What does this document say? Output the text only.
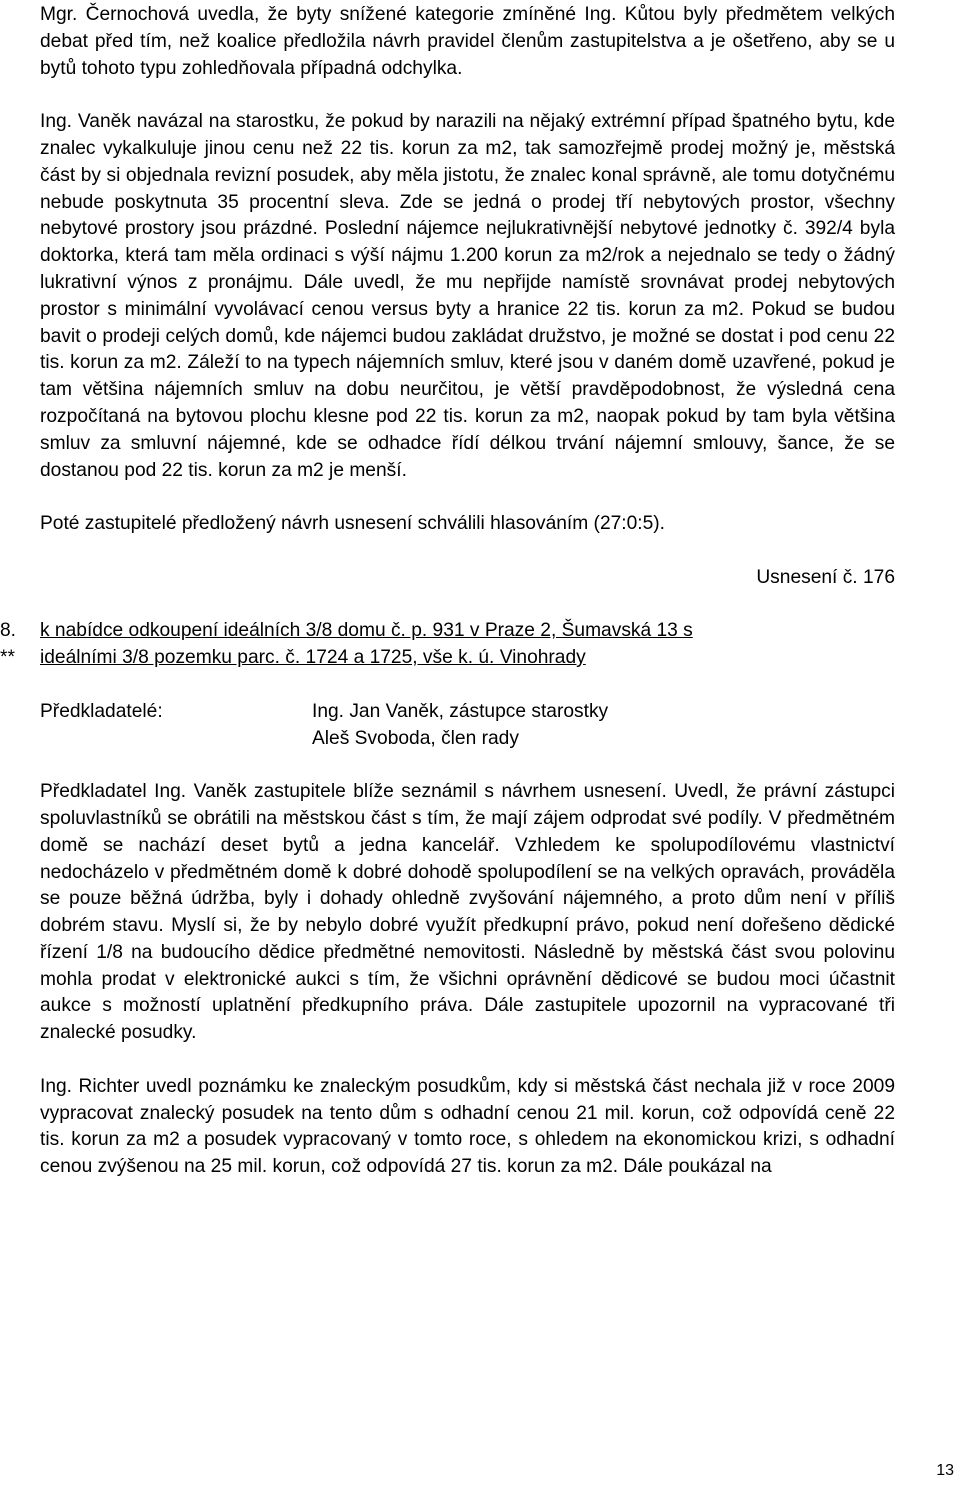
Mgr. Černochová uvedla, že byty snížené kategorie zmíněné Ing. Kůtou byly předmětem velkých debat před tím, než koalice předložila návrh pravidel členům zastupitelstva a je ošetřeno, aby se u bytů tohoto typu zohledňovala případná odchylka.

Ing. Vaněk navázal na starostku, že pokud by narazili na nějaký extrémní případ špatného bytu, kde znalec vykalkuluje jinou cenu než 22 tis. korun za m2, tak samozřejmě prodej možný je, městská část by si objednala revizní posudek, aby měla jistotu, že znalec konal správně, ale tomu dotyčnému nebude poskytnuta 35 procentní sleva. Zde se jedná o prodej tří nebytových prostor, všechny nebytové prostory jsou prázdné. Poslední nájemce nejlukrativnější nebytové jednotky č. 392/4 byla doktorka, která tam měla ordinaci s výší nájmu 1.200 korun za m2/rok a nejednalo se tedy o žádný lukrativní výnos z pronájmu. Dále uvedl, že mu nepřijde namístě srovnávat prodej nebytových prostor s minimální vyvolávací cenou versus byty a hranice 22 tis. korun za m2. Pokud se budou bavit o prodeji celých domů, kde nájemci budou zakládat družstvo, je možné se dostat i pod cenu 22 tis. korun za m2. Záleží to na typech nájemních smluv, které jsou v daném domě uzavřené, pokud je tam většina nájemních smluv na dobu neurčitou, je větší pravděpodobnost, že výsledná cena rozpočítaná na bytovou plochu klesne pod 22 tis. korun za m2, naopak pokud by tam byla většina smluv za smluvní nájemné, kde se odhadce řídí délkou trvání nájemní smlouvy, šance, že se dostanou pod 22 tis. korun za m2 je menší.

Poté zastupitelé předložený návrh usnesení schválili hlasováním (27:0:5).

Usnesení č. 176

8.
**

k nabídce odkoupení ideálních 3/8 domu č. p. 931 v Praze 2, Šumavská 13 s
ideálními 3/8 pozemku parc. č. 1724 a 1725, vše k. ú. Vinohrady

Předkladatelé:	Ing. Jan Vaněk, zástupce starostky
Aleš Svoboda, člen rady

Předkladatel Ing. Vaněk zastupitele blíže seznámil s návrhem usnesení. Uvedl, že právní zástupci spoluvlastníků se obrátili na městskou část s tím, že mají zájem odprodat své podíly. V předmětném domě se nachází deset bytů a jedna kancelář. Vzhledem ke spolupodílovému vlastnictví nedocházelo v předmětném domě k dobré dohodě spolupodílení se na velkých opravách, prováděla se pouze běžná údržba, byly i dohady ohledně zvyšování nájemného, a proto dům není v příliš dobrém stavu. Myslí si, že by nebylo dobré využít předkupní právo, pokud není dořešeno dědické řízení 1/8 na budoucího dědice předmětné nemovitosti. Následně by městská část svou polovinu mohla prodat v elektronické aukci s tím, že všichni oprávnění dědicové se budou moci účastnit aukce s možností uplatnění předkupního práva. Dále zastupitele upozornil na vypracované tři znalecké posudky.

Ing. Richter uvedl poznámku ke znaleckým posudkům, kdy si městská část nechala již v roce 2009 vypracovat znalecký posudek na tento dům s odhadní cenou 21 mil. korun, což odpovídá ceně 22 tis. korun za m2 a posudek vypracovaný v tomto roce, s ohledem na ekonomickou krizi, s odhadní cenou zvýšenou na 25 mil. korun, což odpovídá 27 tis. korun za m2. Dále poukázal na

13
